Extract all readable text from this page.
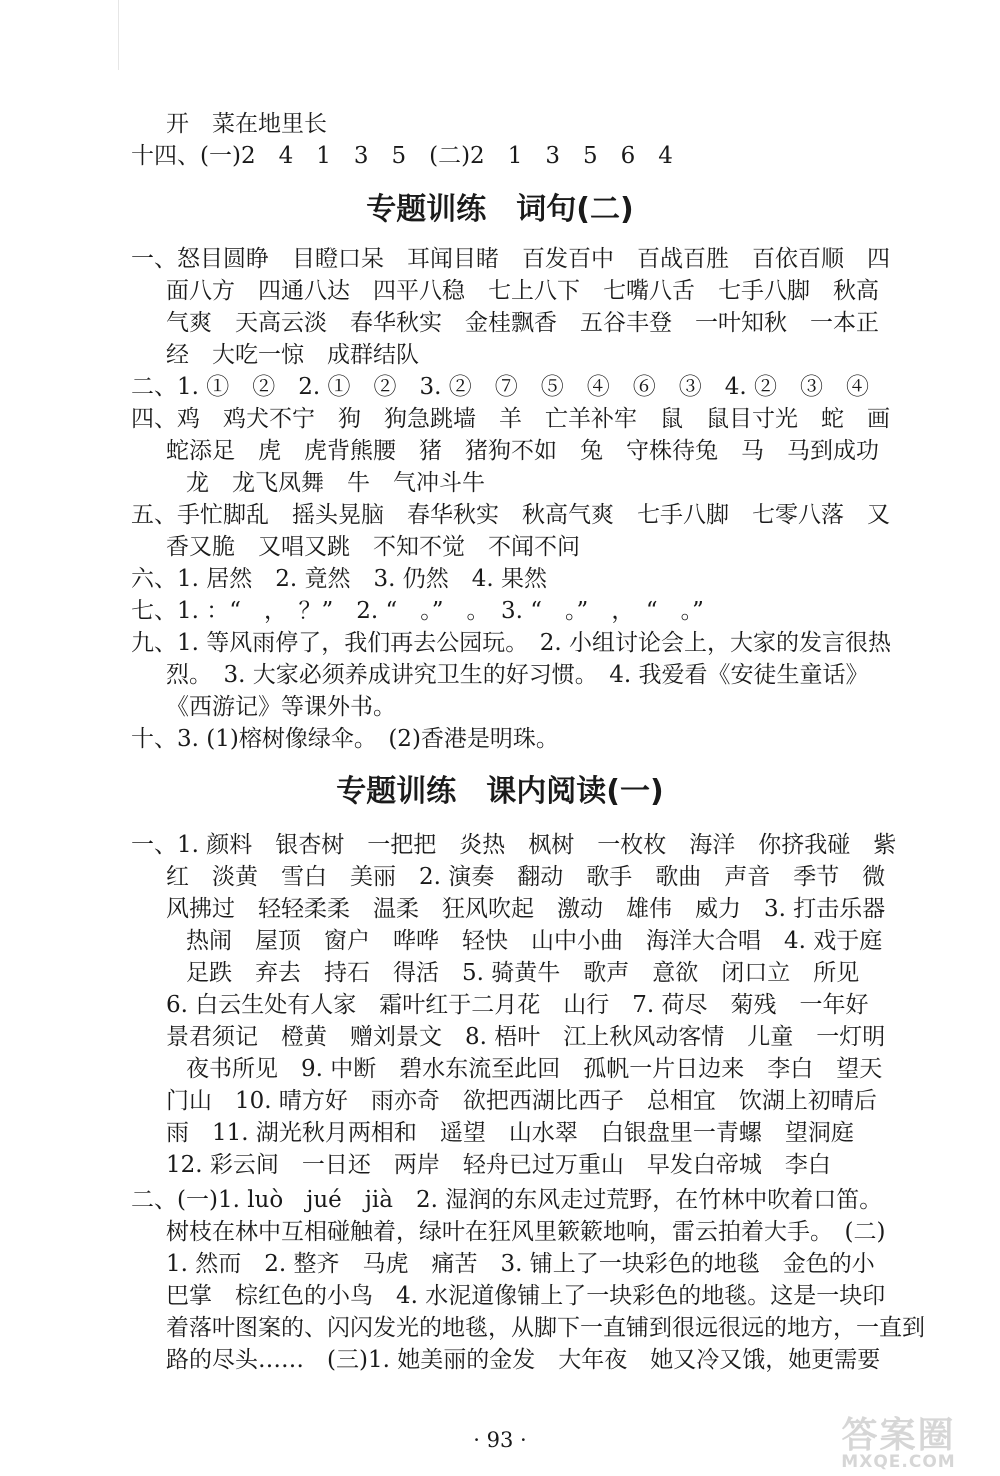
开　菜在地里长
十四、(一)2　4　1　3　5　(二)2　1　3　5　6　4
专题训练　词句(二)
一、怒目圆睁　目瞪口呆　耳闻目睹　百发百中　百战百胜　百依百顺　四
面八方　四通八达　四平八稳　七上八下　七嘴八舌　七手八脚　秋高
气爽　天高云淡　春华秋实　金桂飘香　五谷丰登　一叶知秋　一本正
经　大吃一惊　成群结队
二、1. ①　②　2. ①　②　3. ②　⑦　⑤　④　⑥　③　4. ②　③　④
四、鸡　鸡犬不宁　狗　狗急跳墙　羊　亡羊补牢　鼠　鼠目寸光　蛇　画
蛇添足　虎　虎背熊腰　猪　猪狗不如　兔　守株待兔　马　马到成功
龙　龙飞凤舞　牛　气冲斗牛
五、手忙脚乱　摇头晃脑　春华秋实　秋高气爽　七手八脚　七零八落　又
香又脆　又唱又跳　不知不觉　不闻不问
六、1. 居然　2. 竟然　3. 仍然　4. 果然
七、1. ：“　，　？”　2. “　。”　。　3. “　。”　，　“　。”
九、1. 等风雨停了，我们再去公园玩。　2. 小组讨论会上，大家的发言很热
烈。　3. 大家必须养成讲究卫生的好习惯。　4. 我爱看《安徒生童话》
《西游记》等课外书。
十、3. (1)榕树像绿伞。　(2)香港是明珠。
专题训练　课内阅读(一)
一、1. 颜料　银杏树　一把把　炎热　枫树　一枚枚　海洋　你挤我碰　紫
红　淡黄　雪白　美丽　2. 演奏　翻动　歌手　歌曲　声音　季节　微
风拂过　轻轻柔柔　温柔　狂风吹起　激动　雄伟　威力　3. 打击乐器
热闹　屋顶　窗户　哗哗　轻快　山中小曲　海洋大合唱　4. 戏于庭
足跌　弃去　持石　得活　5. 骑黄牛　歌声　意欲　闭口立　所见
6. 白云生处有人家　霜叶红于二月花　山行　7. 荷尽　菊残　一年好
景君须记　橙黄　赠刘景文　8. 梧叶　江上秋风动客情　儿童　一灯明
夜书所见　9. 中断　碧水东流至此回　孤帆一片日边来　李白　望天
门山　10. 晴方好　雨亦奇　欲把西湖比西子　总相宜　饮湖上初晴后
雨　11. 湖光秋月两相和　遥望　山水翠　白银盘里一青螺　望洞庭
12. 彩云间　一日还　两岸　轻舟已过万重山　早发白帝城　李白
二、(一)1. luò　jué　jià　2. 湿润的东风走过荒野，在竹林中吹着口笛。
树枝在林中互相碰触着，绿叶在狂风里簌簌地响，雷云拍着大手。　(二)
1. 然而　2. 整齐　马虎　痛苦　3. 铺上了一块彩色的地毯　金色的小
巴掌　棕红色的小鸟　4. 水泥道像铺上了一块彩色的地毯。这是一块印
着落叶图案的、闪闪发光的地毯，从脚下一直铺到很远很远的地方，一直到
路的尽头……　(三)1. 她美丽的金发　大年夜　她又冷又饿，她更需要
· 93 ·	答案圈
MXQE.COM
